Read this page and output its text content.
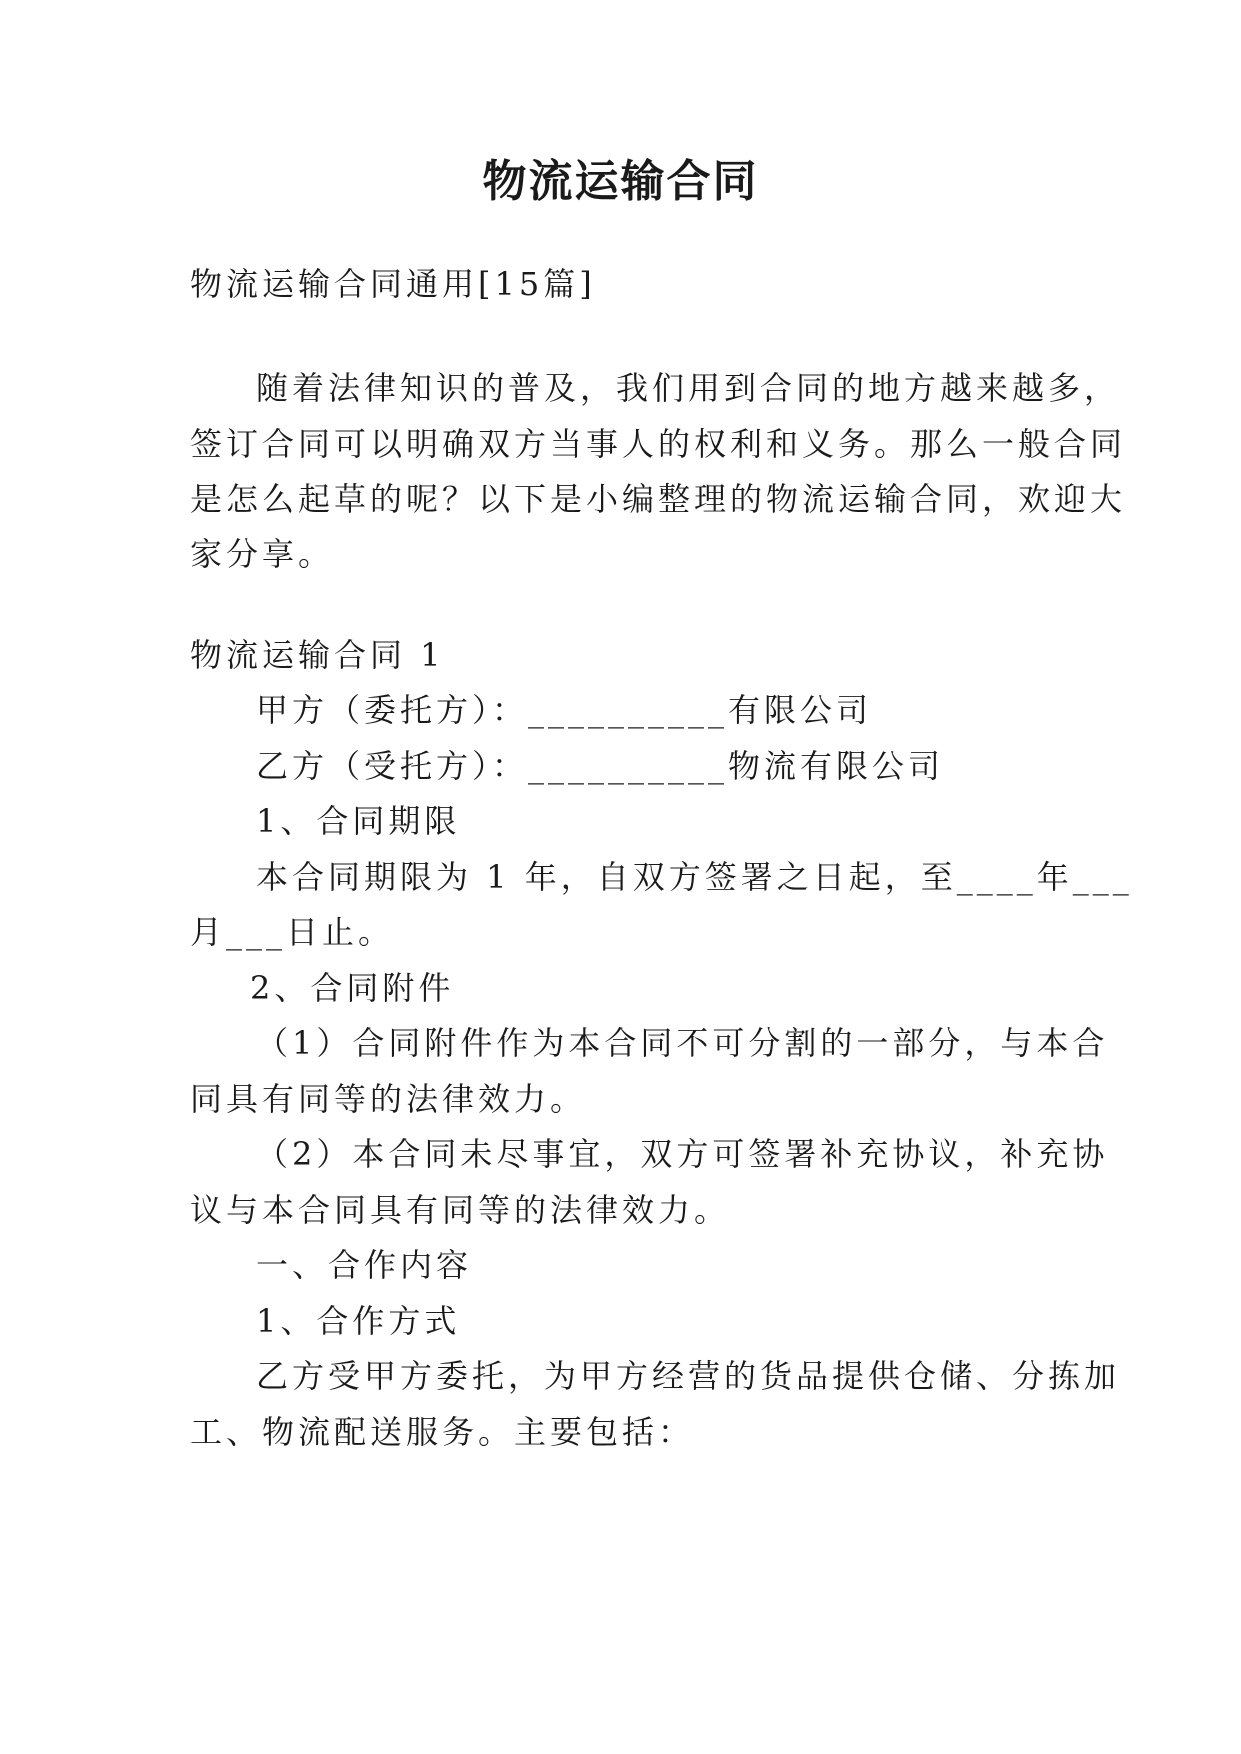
物流运输合同
物流运输合同通用[15篇]
随着法律知识的普及，我们用到合同的地方越来越多，
签订合同可以明确双方当事人的权利和义务。那么一般合同
是怎么起草的呢？以下是小编整理的物流运输合同，欢迎大
家分享。
物流运输合同 1
甲方（委托方）：__________有限公司
乙方（受托方）：__________物流有限公司
1、合同期限
本合同期限为 1 年，自双方签署之日起，至____年___
月___日止。
2、合同附件
（1）合同附件作为本合同不可分割的一部分，与本合
同具有同等的法律效力。
（2）本合同未尽事宜，双方可签署补充协议，补充协
议与本合同具有同等的法律效力。
一、合作内容
1、合作方式
乙方受甲方委托，为甲方经营的货品提供仓储、分拣加
工、物流配送服务。主要包括：
